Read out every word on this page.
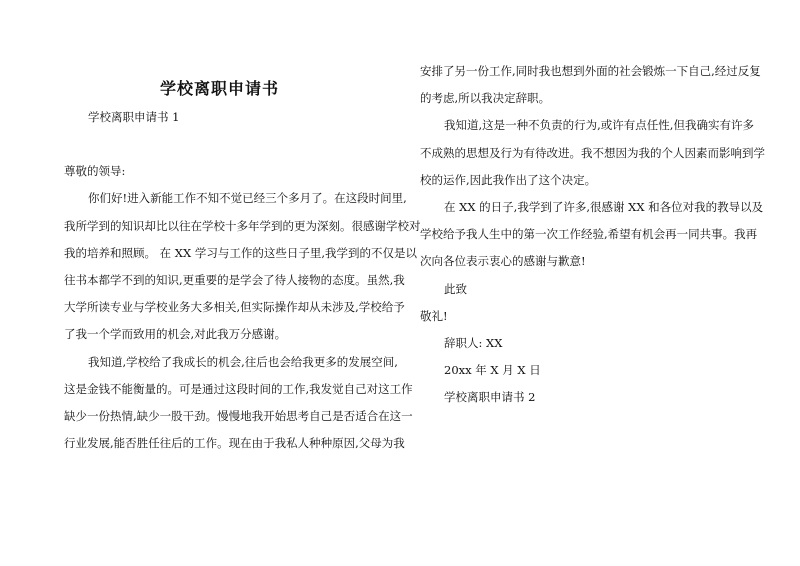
学校离职申请书

学校离职申请书 1

尊敬的领导:

你们好!进入新能工作不知不觉已经三个多月了。在这段时间里,

我所学到的知识却比以往在学校十多年学到的更为深刻。很感谢学校对

我的培养和照顾。 在 XX 学习与工作的这些日子里,我学到的不仅是以

往书本都学不到的知识,更重要的是学会了待人接物的态度。虽然,我

大学所读专业与学校业务大多相关,但实际操作却从未涉及,学校给予

了我一个学而致用的机会,对此我万分感谢。

我知道,学校给了我成长的机会,往后也会给我更多的发展空间,

这是金钱不能衡量的。可是通过这段时间的工作,我发觉自己对这工作

缺少一份热情,缺少一股干劲。慢慢地我开始思考自己是否适合在这一

行业发展,能否胜任往后的工作。现在由于我私人种种原因,父母为我

安排了另一份工作,同时我也想到外面的社会锻炼一下自己,经过反复

的考虑,所以我决定辞职。

我知道,这是一种不负责的行为,或许有点任性,但我确实有许多

不成熟的思想及行为有待改进。我不想因为我的个人因素而影响到学

校的运作,因此我作出了这个决定。

在 XX 的日子,我学到了许多,很感谢 XX 和各位对我的教导以及

学校给予我人生中的第一次工作经验,希望有机会再一同共事。我再

次向各位表示衷心的感谢与歉意!

此致

敬礼!

辞职人: XX

20xx 年 X 月 X 日

学校离职申请书 2
